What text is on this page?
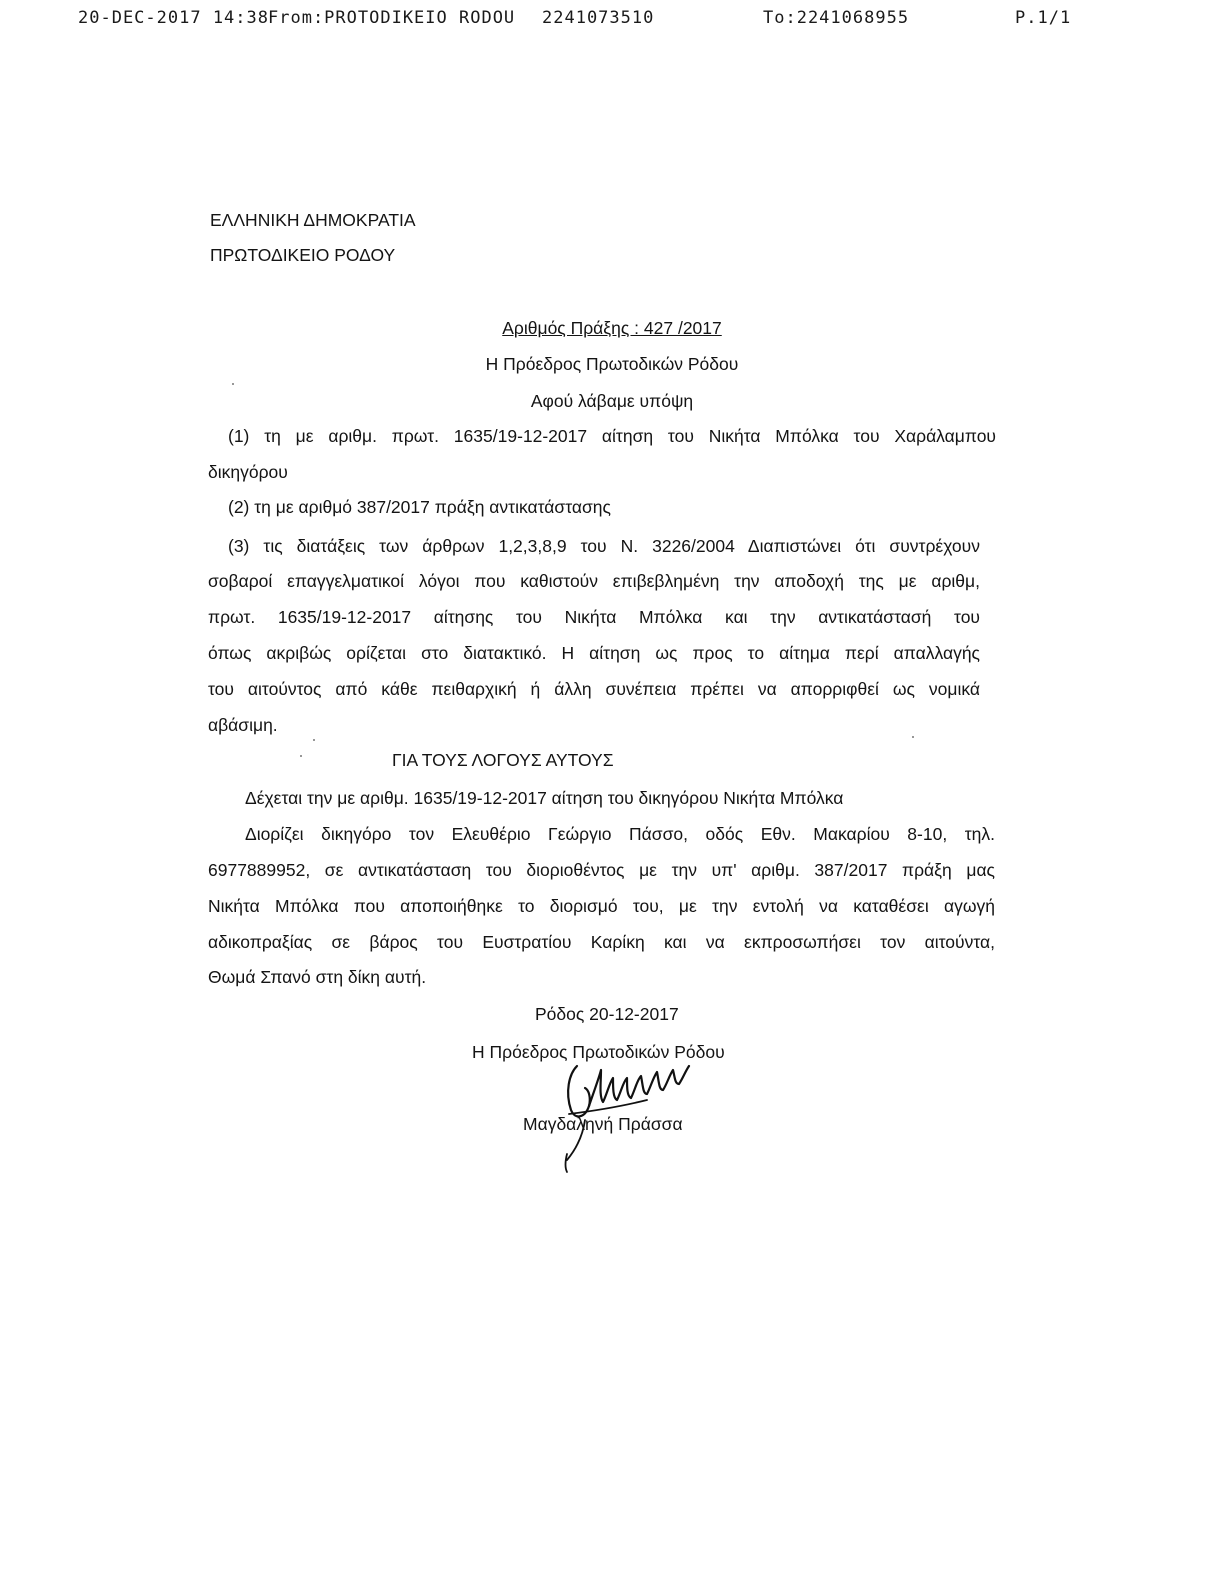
20-DEC-2017 14:38 From:PROTODIKEIO RODOU 2241073510	To:2241068955	P.1/1
ΕΛΛΗΝΙΚΗ ΔΗΜΟΚΡΑΤΙΑ
ΠΡΩΤΟΔΙΚΕΙΟ ΡΟΔΟΥ
Αριθμός Πράξης : 427 /2017
Η Πρόεδρος Πρωτοδικών Ρόδου
Αφού λάβαμε υπόψη
(1) τη με αριθμ. πρωτ. 1635/19-12-2017 αίτηση του Νικήτα Μπόλκα του Χαράλαμπου
δικηγόρου
(2) τη με αριθμό 387/2017 πράξη αντικατάστασης
(3) τις διατάξεις των άρθρων 1,2,3,8,9 του Ν. 3226/2004 Διαπιστώνει ότι συντρέχουν
σοβαροί επαγγελματικοί λόγοι που καθιστούν επιβεβλημένη την αποδοχή της με αριθμ,
πρωτ. 1635/19-12-2017 αίτησης του Νικήτα Μπόλκα και την αντικατάστασή του
όπως ακριβώς ορίζεται στο διατακτικό. Η αίτηση ως προς το αίτημα περί απαλλαγής
του αιτούντος από κάθε πειθαρχική ή άλλη συνέπεια πρέπει να απορριφθεί ως νομικά
αβάσιμη.
ΓΙΑ ΤΟΥΣ ΛΟΓΟΥΣ ΑΥΤΟΥΣ
Δέχεται την με αριθμ. 1635/19-12-2017 αίτηση του δικηγόρου Νικήτα Μπόλκα
Διορίζει δικηγόρο τον Ελευθέριο Γεώργιο Πάσσο, οδός Εθν. Μακαρίου 8-10, τηλ.
6977889952, σε αντικατάσταση του διοριοθέντος με την υπ' αριθμ. 387/2017 πράξη μας
Νικήτα Μπόλκα που αποποιήθηκε το διορισμό του, με την εντολή να καταθέσει αγωγή
αδικοπραξίας σε βάρος του Ευστρατίου Καρίκη και να εκπροσωπήσει τον αιτούντα,
Θωμά Σπανό στη δίκη αυτή.
Ρόδος 20-12-2017
Η Πρόεδρος Πρωτοδικών Ρόδου
Μαγδαληνή Πράσσα
